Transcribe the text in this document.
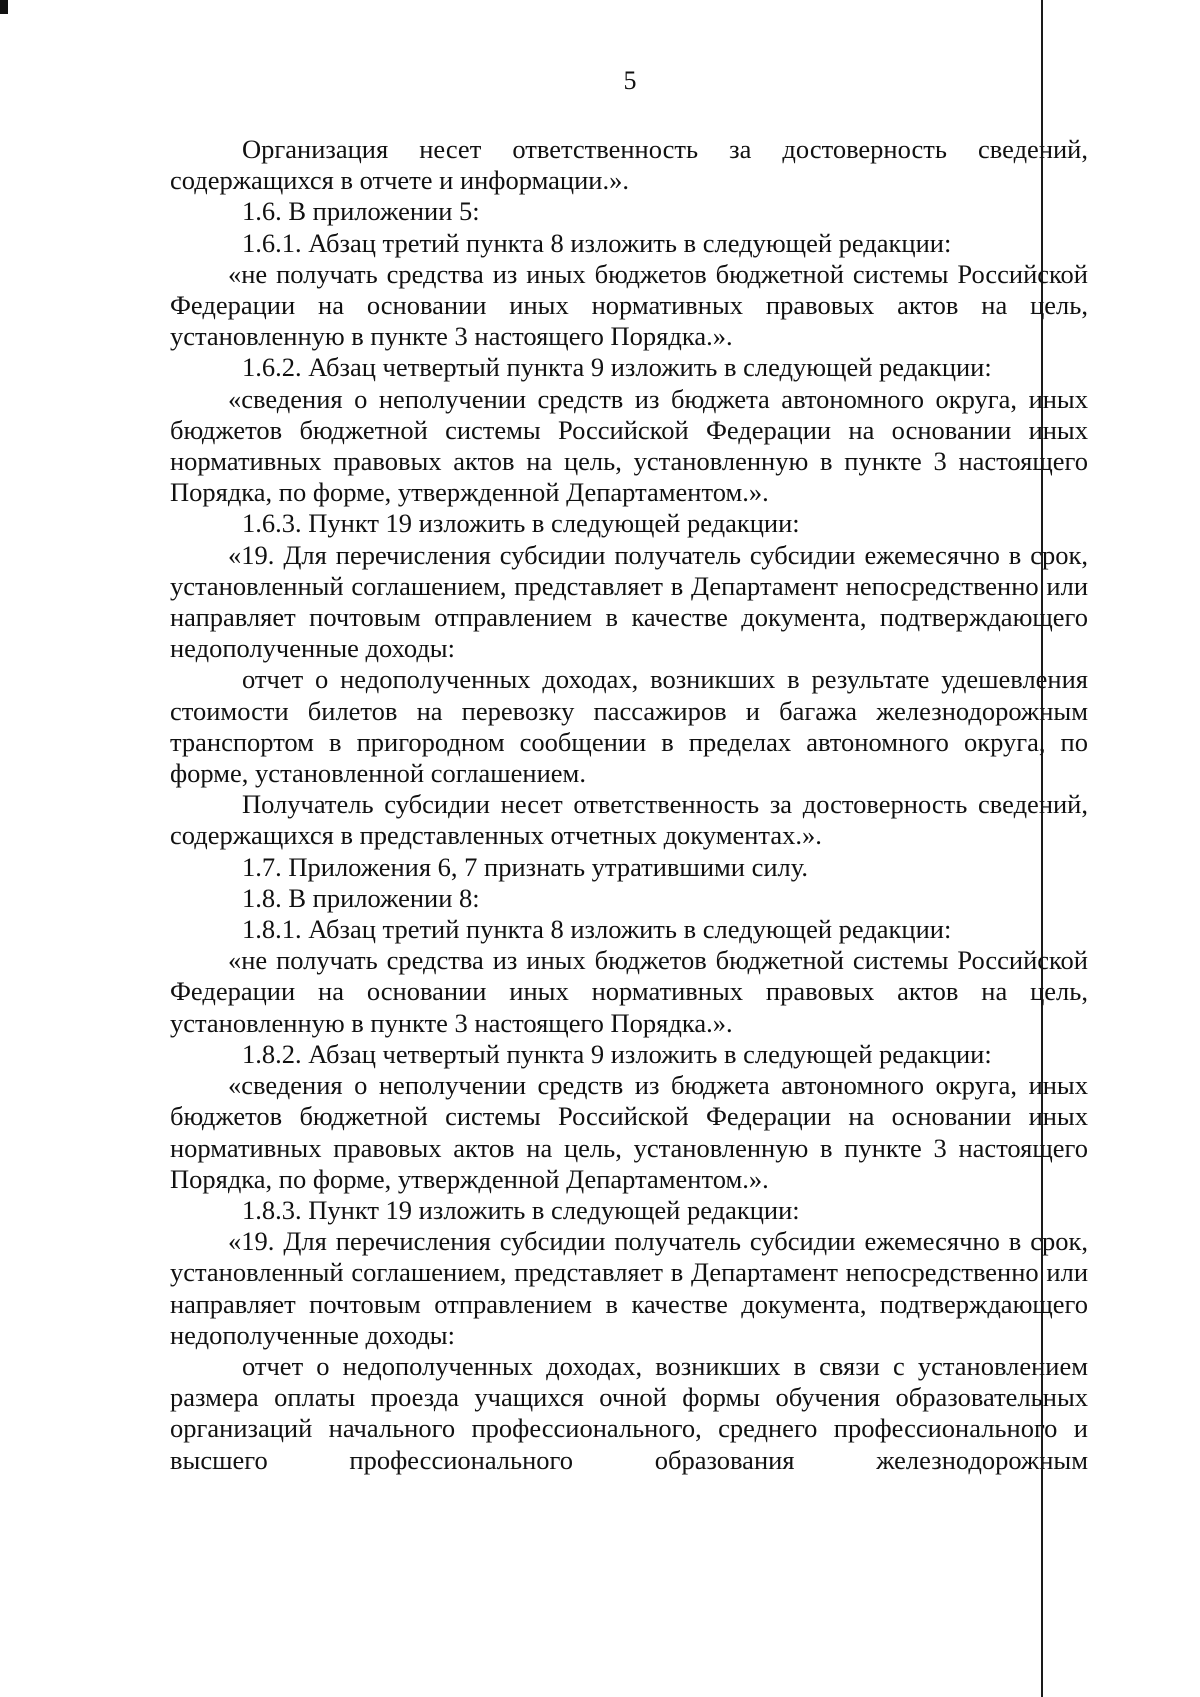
5

Организация несет ответственность за достоверность сведений, содержащихся в отчете и информации.».

1.6. В приложении 5:

1.6.1. Абзац третий пункта 8 изложить в следующей редакции:

«не получать средства из иных бюджетов бюджетной системы Российской Федерации на основании иных нормативных правовых актов на цель, установленную в пункте 3 настоящего Порядка.».

1.6.2. Абзац четвертый пункта 9 изложить в следующей редакции:

«сведения о неполучении средств из бюджета автономного округа, иных бюджетов бюджетной системы Российской Федерации на основании иных нормативных правовых актов на цель, установленную в пункте 3 настоящего Порядка, по форме, утвержденной Департаментом.».

1.6.3. Пункт 19 изложить в следующей редакции:

«19. Для перечисления субсидии получатель субсидии ежемесячно в срок, установленный соглашением, представляет в Департамент непосредственно или направляет почтовым отправлением в качестве документа, подтверждающего недополученные доходы:

отчет о недополученных доходах, возникших в результате удешевления стоимости билетов на перевозку пассажиров и багажа железнодорожным транспортом в пригородном сообщении в пределах автономного округа, по форме, установленной соглашением.

Получатель субсидии несет ответственность за достоверность сведений, содержащихся в представленных отчетных документах.».

1.7. Приложения 6, 7 признать утратившими силу.

1.8. В приложении 8:

1.8.1. Абзац третий пункта 8 изложить в следующей редакции:

«не получать средства из иных бюджетов бюджетной системы Российской Федерации на основании иных нормативных правовых актов на цель, установленную в пункте 3 настоящего Порядка.».

1.8.2. Абзац четвертый пункта 9 изложить в следующей редакции:

«сведения о неполучении средств из бюджета автономного округа, иных бюджетов бюджетной системы Российской Федерации на основании иных нормативных правовых актов на цель, установленную в пункте 3 настоящего Порядка, по форме, утвержденной Департаментом.».

1.8.3. Пункт 19 изложить в следующей редакции:

«19. Для перечисления субсидии получатель субсидии ежемесячно в срок, установленный соглашением, представляет в Департамент непосредственно или направляет почтовым отправлением в качестве документа, подтверждающего недополученные доходы:

отчет о недополученных доходах, возникших в связи с установлением размера оплаты проезда учащихся очной формы обучения образовательных организаций начального профессионального, среднего профессионального и высшего профессионального образования железнодорожным
